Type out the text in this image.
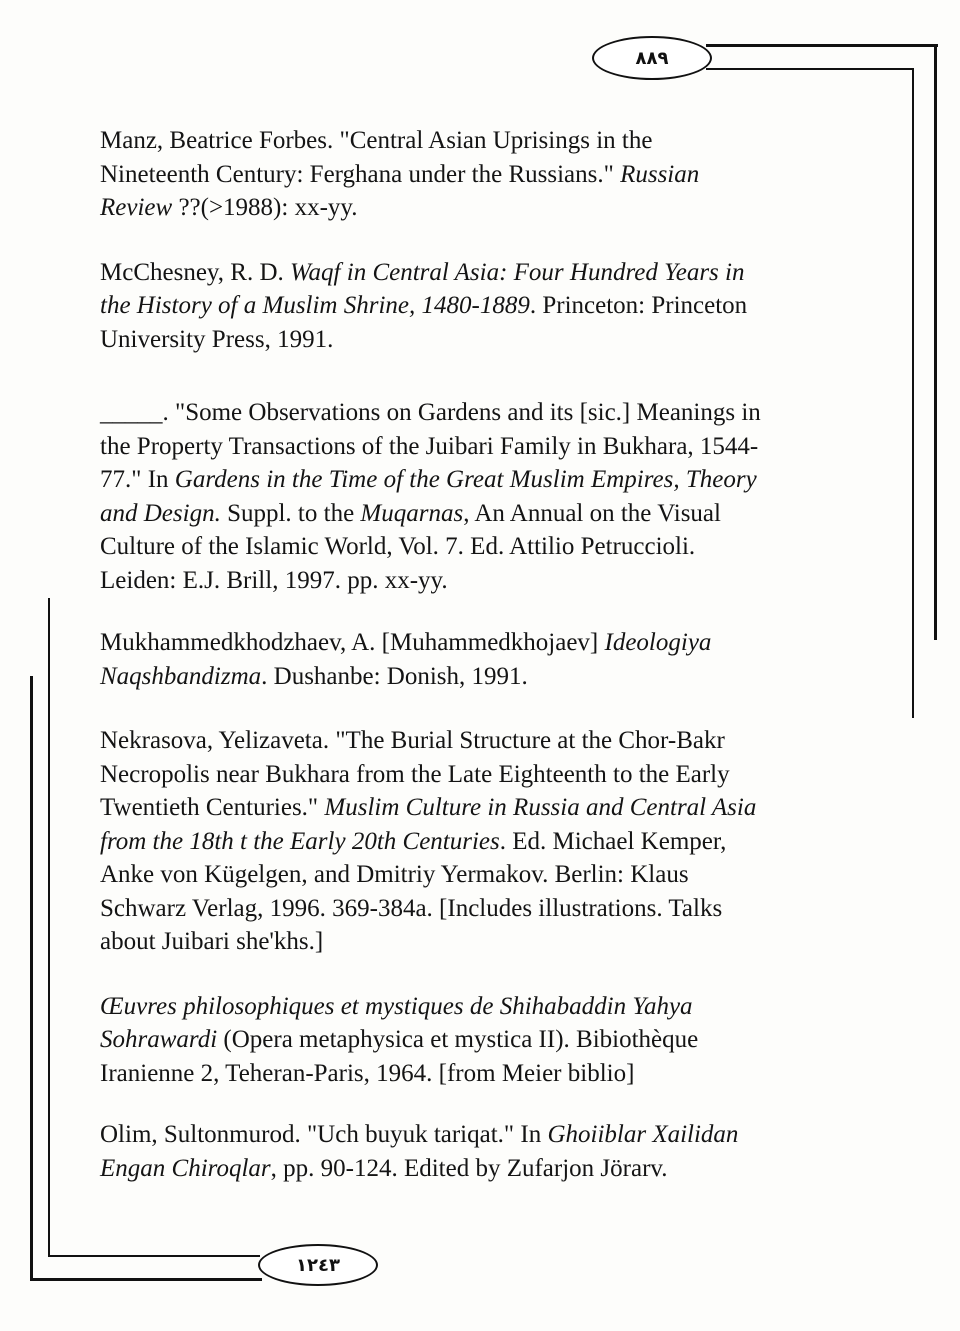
٨٨٩
١٢٤٣
Manz, Beatrice Forbes. "Central Asian Uprisings in the
Nineteenth Century: Ferghana under the Russians." Russian
Review ??(>1988): xx-yy.
McChesney, R. D. Waqf in Central Asia: Four Hundred Years in
the History of a Muslim Shrine, 1480-1889. Princeton: Princeton
University Press, 1991.
_____. "Some Observations on Gardens and its [sic.] Meanings in
the Property Transactions of the Juibari Family in Bukhara, 1544-
77." In Gardens in the Time of the Great Muslim Empires, Theory
and Design. Suppl. to the Muqarnas, An Annual on the Visual
Culture of the Islamic World, Vol. 7. Ed. Attilio Petruccioli.
Leiden: E.J. Brill, 1997. pp. xx-yy.
Mukhammedkhodzhaev, A. [Muhammedkhojaev] Ideologiya
Naqshbandizma. Dushanbe: Donish, 1991.
Nekrasova, Yelizaveta. "The Burial Structure at the Chor-Bakr
Necropolis near Bukhara from the Late Eighteenth to the Early
Twentieth Centuries." Muslim Culture in Russia and Central Asia
from the 18th t the Early 20th Centuries. Ed. Michael Kemper,
Anke von Kügelgen, and Dmitriy Yermakov. Berlin: Klaus
Schwarz Verlag, 1996. 369-384a. [Includes illustrations. Talks
about Juibari she'khs.]
Œuvres philosophiques et mystiques de Shihabaddin Yahya
Sohrawardi (Opera metaphysica et mystica II). Bibiothèque
Iranienne 2, Teheran-Paris, 1964. [from Meier biblio]
Olim, Sultonmurod. "Uch buyuk tariqat." In Ghoiiblar Xailidan
Engan Chiroqlar, pp. 90-124. Edited by Zufarjon Jörarv.
